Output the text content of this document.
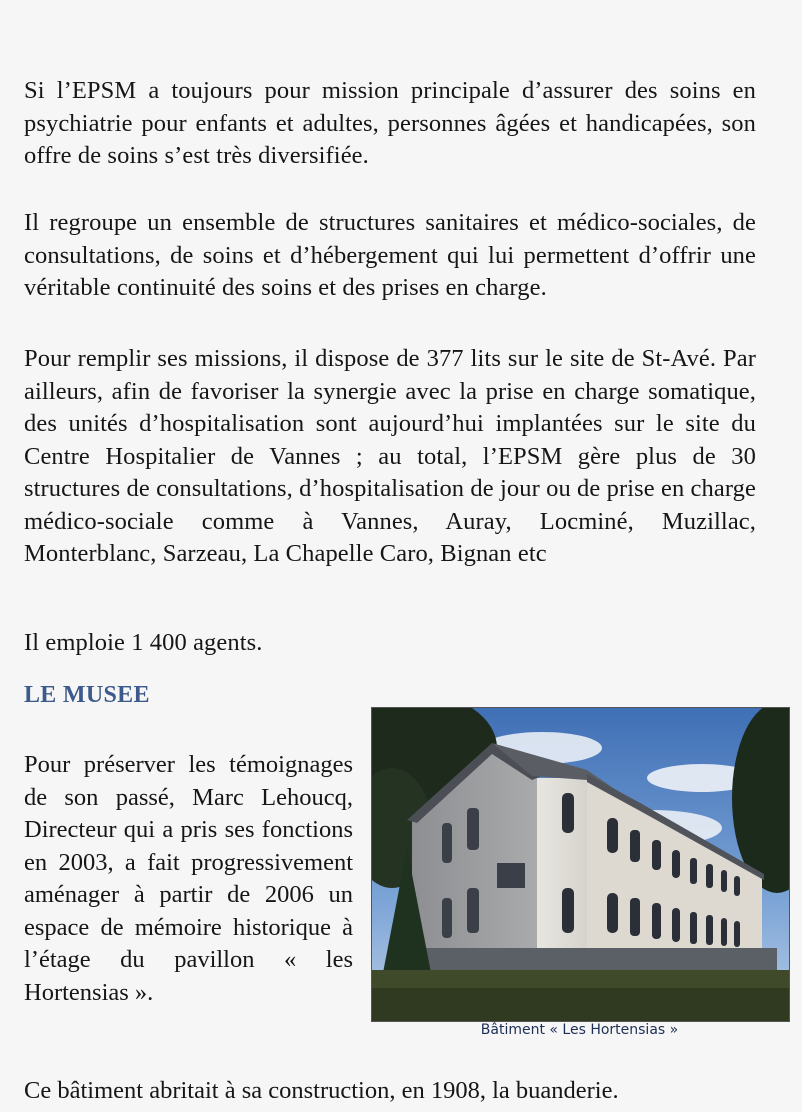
Si l’EPSM a toujours pour mission principale d’assurer des soins en psychiatrie pour enfants et adultes, personnes âgées et handicapées, son offre de soins s’est très diversifiée.

Il regroupe un ensemble de structures sanitaires et médico-sociales, de consultations, de soins et d’hébergement qui lui permettent d’offrir une véritable continuité des soins et des prises en charge.

Pour remplir ses missions, il dispose de 377 lits sur le site de St-Avé. Par ailleurs, afin de favoriser la synergie avec la prise en charge somatique, des unités d’hospitalisation sont aujourd’hui implantées sur le site du Centre Hospitalier de Vannes ; au total, l’EPSM gère plus de 30 structures de consultations, d’hospitalisation de jour ou de prise en charge médico-sociale comme à Vannes, Auray, Locminé, Muzillac, Monterblanc, Sarzeau, La Chapelle Caro, Bignan etc

Il emploie 1 400 agents.

LE MUSEE

Pour préserver les témoignages de son passé, Marc Lehoucq, Directeur qui a pris ses fonctions en 2003, a fait progressivement aménager à partir de 2006 un espace de mémoire historique à l’étage du pavillon « les Hortensias ».

Bâtiment « Les Hortensias »

Ce bâtiment abritait à sa construction, en 1908, la buanderie.
